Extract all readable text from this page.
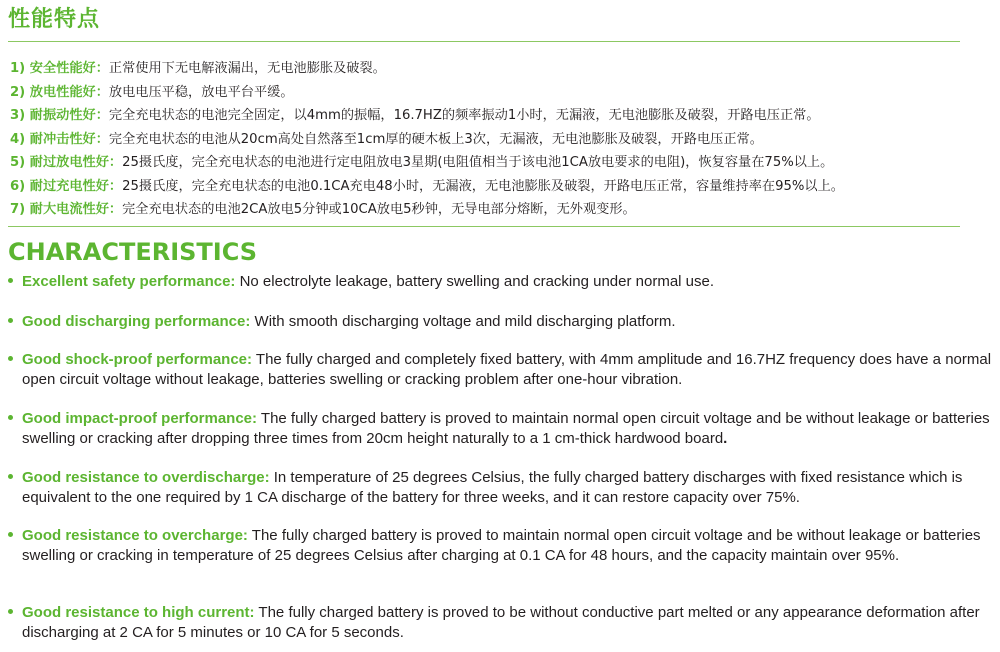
性能特点
1) 安全性能好：正常使用下无电解液漏出，无电池膨胀及破裂。
2) 放电性能好：放电电压平稳，放电平台平缓。
3) 耐振动性好：完全充电状态的电池完全固定，以4mm的振幅，16.7HZ的频率振动1小时，无漏液，无电池膨胀及破裂，开路电压正常。
4) 耐冲击性好：完全充电状态的电池从20cm高处自然落至1cm厚的硬木板上3次，无漏液，无电池膨胀及破裂，开路电压正常。
5) 耐过放电性好：25摄氏度，完全充电状态的电池进行定电阻放电3星期(电阻值相当于该电池1CA放电要求的电阻)，恢复容量在75%以上。
6) 耐过充电性好：25摄氏度，完全充电状态的电池0.1CA充电48小时，无漏液，无电池膨胀及破裂，开路电压正常，容量维持率在95%以上。
7) 耐大电流性好：完全充电状态的电池2CA放电5分钟或10CA放电5秒钟，无导电部分熔断，无外观变形。
CHARACTERISTICS
Excellent safety performance: No electrolyte leakage, battery swelling and cracking under normal use.
Good discharging performance: With smooth discharging voltage and mild discharging platform.
Good shock-proof performance: The fully charged and completely fixed battery, with 4mm amplitude and 16.7HZ frequency does have a normal open circuit voltage without leakage, batteries swelling or cracking problem after one-hour vibration.
Good impact-proof performance: The fully charged battery is proved to maintain normal open circuit voltage and be without leakage or batteries swelling or cracking after dropping three times from 20cm height naturally to a 1 cm-thick hardwood board.
Good resistance to overdischarge: In temperature of 25 degrees Celsius, the fully charged battery discharges with fixed resistance which is equivalent to the one required by 1 CA discharge of the battery for three weeks, and it can restore capacity over 75%.
Good resistance to overcharge: The fully charged battery is proved to maintain normal open circuit voltage and be without leakage or batteries swelling or cracking in temperature of 25 degrees Celsius after charging at 0.1 CA for 48 hours, and the capacity maintain over 95%.
Good resistance to high current: The fully charged battery is proved to be without conductive part melted or any appearance deformation after discharging at 2 CA for 5 minutes or 10 CA for 5 seconds.
